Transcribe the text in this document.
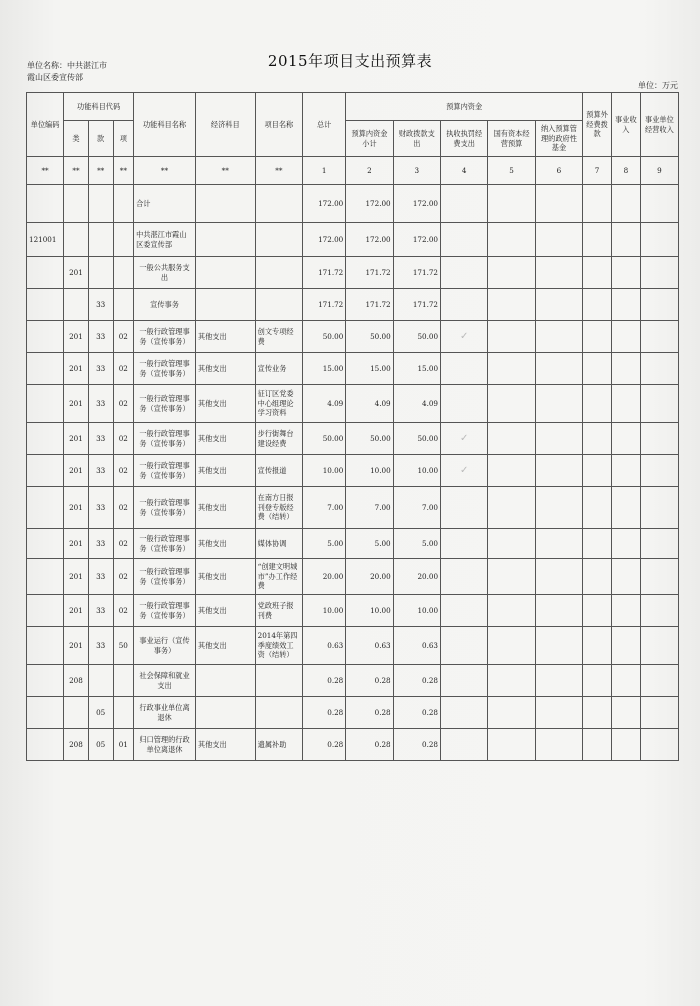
2015年项目支出预算表
单位名称：中共湛江市
霞山区委宣传部
单位：万元
单位编码	功能科目代码			功能科目名称	经济科目	项目名称	总计	预算内资金					预算外经费拨款	事业收入	事业单位经营收入
	类	款	项					预算内资金小计	财政拨款支出	执收执罚经费支出	国有资本经营预算	纳入预算管理的政府性基金			

**	**	**	**	**	**	**	1	2	3	4	5	6	7	8	9
				合计			172.00	172.00	172.00						
121001				中共湛江市霞山区委宣传部			172.00	172.00	172.00						
	201			一般公共服务支出			171.72	171.72	171.72						
		33		宣传事务			171.72	171.72	171.72						
	201	33	02	一般行政管理事务（宣传事务）	其他支出	创文专项经费	50.00	50.00	50.00	✓					
	201	33	02	一般行政管理事务（宣传事务）	其他支出	宣传业务	15.00	15.00	15.00						
	201	33	02	一般行政管理事务（宣传事务）	其他支出	征订区党委中心组理论学习资料	4.09	4.09	4.09						
	201	33	02	一般行政管理事务（宣传事务）	其他支出	步行街舞台建设经费	50.00	50.00	50.00	✓					
	201	33	02	一般行政管理事务（宣传事务）	其他支出	宣传报道	10.00	10.00	10.00	✓					
	201	33	02	一般行政管理事务（宣传事务）	其他支出	在南方日报刊登专版经费（结转）	7.00	7.00	7.00						
	201	33	02	一般行政管理事务（宣传事务）	其他支出	媒体协调	5.00	5.00	5.00						
	201	33	02	一般行政管理事务（宣传事务）	其他支出	“创建文明城市”办工作经费	20.00	20.00	20.00						
	201	33	02	一般行政管理事务（宣传事务）	其他支出	党政班子报刊费	10.00	10.00	10.00						
	201	33	50	事业运行（宣传事务）	其他支出	2014年第四季度绩效工资（结转）	0.63	0.63	0.63						
	208			社会保障和就业支出			0.28	0.28	0.28						
		05		行政事业单位离退休			0.28	0.28	0.28						
	208	05	01	归口管理的行政单位离退休	其他支出	遗属补助	0.28	0.28	0.28						
